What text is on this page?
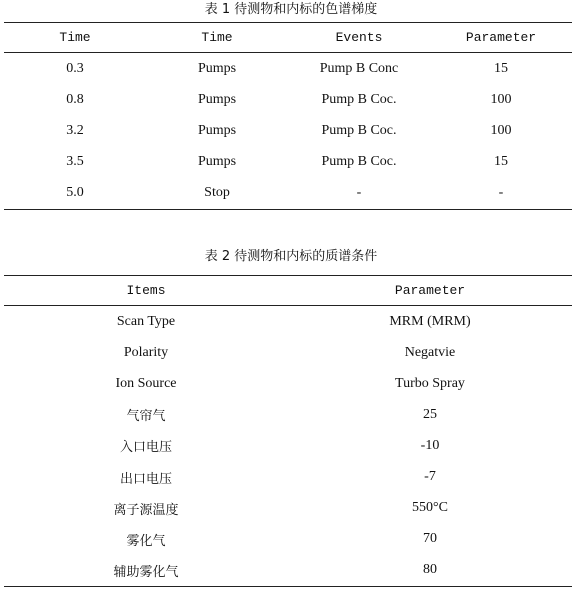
表 1 待测物和内标的色谱梯度
Time	Time	Events	Parameter
0.3	Pumps	Pump B Conc	15
0.8	Pumps	Pump B Coc.	100
3.2	Pumps	Pump B Coc.	100
3.5	Pumps	Pump B Coc.	15
5.0	Stop	-	-
表 2 待测物和内标的质谱条件
Items	Parameter
Scan Type	MRM (MRM)
Polarity	Negatvie
Ion Source	Turbo Spray
气帘气	25
入口电压	-10
出口电压	-7
离子源温度	550°C
雾化气	70
辅助雾化气	80
